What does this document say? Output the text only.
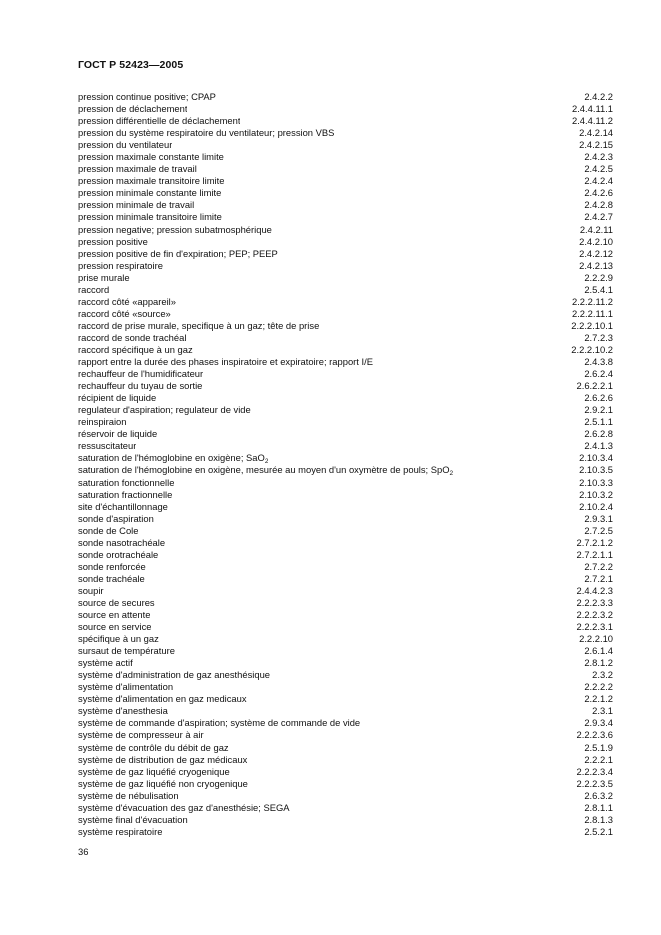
ГОСТ Р 52423—2005
pression continue positive; CPAP	2.4.2.2
pression de déclachement	2.4.4.11.1
pression différentielle de déclachement	2.4.4.11.2
pression du système respiratoire du ventilateur; pression VBS	2.4.2.14
pression du ventilateur	2.4.2.15
pression maximale constante limite	2.4.2.3
pression maximale de travail	2.4.2.5
pression maximale transitoire limite	2.4.2.4
pression minimale constante limite	2.4.2.6
pression minimale de travail	2.4.2.8
pression minimale transitoire limite	2.4.2.7
pression negative; pression subatmosphérique	2.4.2.11
pression positive	2.4.2.10
pression positive de fin d'expiration; PEP; PEEP	2.4.2.12
pression respiratoire	2.4.2.13
prise murale	2.2.2.9
raccord	2.5.4.1
raccord côté «appareil»	2.2.2.11.2
raccord côté «source»	2.2.2.11.1
raccord de prise murale, specifique à un gaz; tête de prise	2.2.2.10.1
raccord de sonde trachéal	2.7.2.3
raccord spécifique à un gaz	2.2.2.10.2
rapport entre la durée des phases inspiratoire et expiratoire; rapport I/E	2.4.3.8
rechauffeur de l'humidificateur	2.6.2.4
rechauffeur du tuyau de sortie	2.6.2.2.1
récipient de liquide	2.6.2.6
regulateur d'aspiration; regulateur de vide	2.9.2.1
reinspiraion	2.5.1.1
réservoir de liquide	2.6.2.8
ressuscitateur	2.4.1.3
saturation de l'hémoglobine en oxigène; SaO$_2$	2.10.3.4
saturation de l'hémoglobine en oxigène, mesurée au moyen d'un oxymètre de pouls; SpO$_2$	2.10.3.5
saturation fonctionnelle	2.10.3.3
saturation fractionnelle	2.10.3.2
site d'échantillonnage	2.10.2.4
sonde d'aspiration	2.9.3.1
sonde de Cole	2.7.2.5
sonde nasotrachéale	2.7.2.1.2
sonde orotrachéale	2.7.2.1.1
sonde renforcée	2.7.2.2
sonde trachéale	2.7.2.1
soupir	2.4.4.2.3
source de secures	2.2.2.3.3
source en attente	2.2.2.3.2
source en service	2.2.2.3.1
spécifique à un gaz	2.2.2.10
sursaut de température	2.6.1.4
système actif	2.8.1.2
système d'administration de gaz anesthésique	2.3.2
système d'alimentation	2.2.2.2
système d'alimentation en gaz medicaux	2.2.1.2
système d'anesthesia	2.3.1
système de commande d'aspiration; système de commande de vide	2.9.3.4
système de compresseur à air	2.2.2.3.6
système de contrôle du débit de gaz	2.5.1.9
système de distribution de gaz médicaux	2.2.2.1
système de gaz liquéfié cryogenique	2.2.2.3.4
système de gaz liquéfié non cryogenique	2.2.2.3.5
système de nébulisation	2.6.3.2
système d'évacuation des gaz d'anesthésie; SEGA	2.8.1.1
système final d'évacuation	2.8.1.3
système respiratoire	2.5.2.1
36
